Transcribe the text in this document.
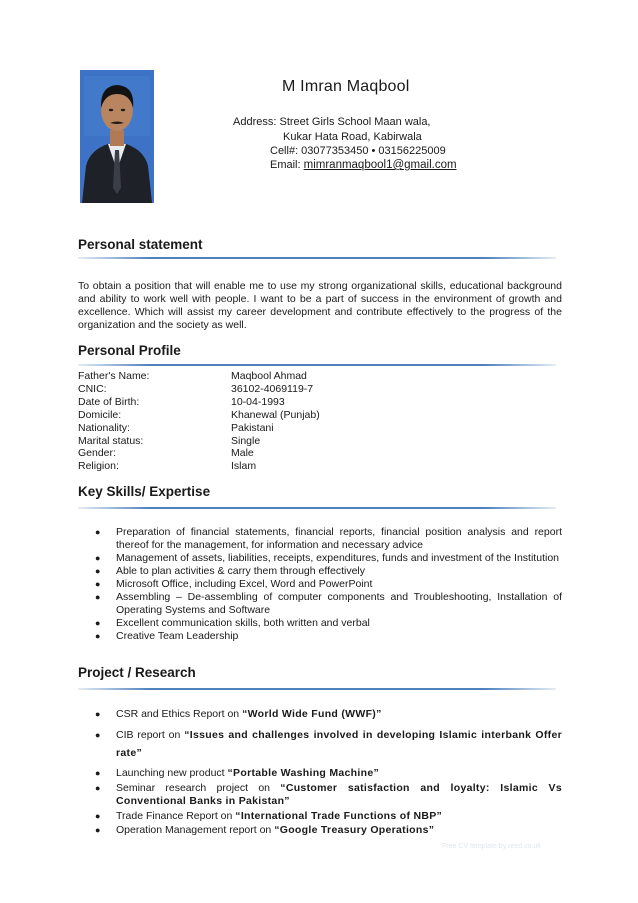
M Imran Maqbool
Address: Street Girls School Maan wala,
Kukar Hata Road, Kabirwala
Cell#: 03077353450 • 03156225009
Email: mimranmaqbool1@gmail.com
Personal statement
To obtain a position that will enable me to use my strong organizational skills, educational background and ability to work well with people. I want to be a part of success in the environment of growth and excellence. Which will assist my career development and contribute effectively to the progress of the organization and the society as well.
Personal Profile
Father's Name:	Maqbool Ahmad
CNIC:	36102-4069119-7
Date of Birth:	10-04-1993
Domicile:	Khanewal (Punjab)
Nationality:	Pakistani
Marital status:	Single
Gender:	Male
Religion:	Islam
Key Skills/ Expertise
● Preparation of financial statements, financial reports, financial position analysis and report thereof for the management, for information and necessary advice
● Management of assets, liabilities, receipts, expenditures, funds and investment of the Institution
● Able to plan activities & carry them through effectively
● Microsoft Office, including Excel, Word and PowerPoint
● Assembling – De-assembling of computer components and Troubleshooting, Installation of Operating Systems and Software
● Excellent communication skills, both written and verbal
● Creative Team Leadership
Project / Research
● CSR and Ethics Report on “World Wide Fund (WWF)”
● CIB report on “Issues and challenges involved in developing Islamic interbank Offer rate”
● Launching new product “Portable Washing Machine”
● Seminar research project on “Customer satisfaction and loyalty: Islamic Vs Conventional Banks in Pakistan”
● Trade Finance Report on “International Trade Functions of NBP”
● Operation Management report on “Google Treasury Operations”
Free CV template by reed.co.uk
